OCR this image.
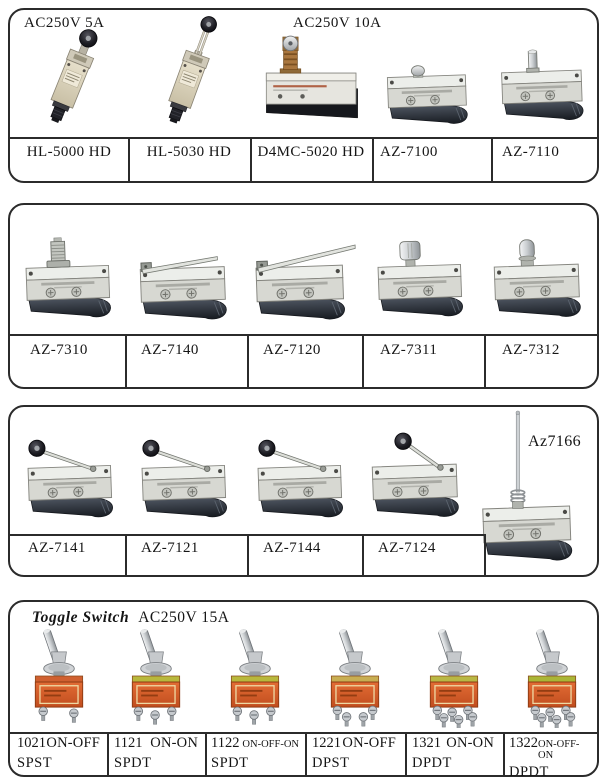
AC250V 5A	AC250V 10A
HL-5000 HD	HL-5030 HD	D4MC-5020 HD	AZ-7100	AZ-7110
AZ-7310	AZ-7140	AZ-7120	AZ-7311	AZ-7312
Az7166
AZ-7141	AZ-7121	AZ-7144	AZ-7124
Toggle Switch AC250V 15A
1021 ON-OFF
SPST
1121 ON-ON
SPDT
1122 ON-OFF-ON
SPDT
1221 ON-OFF
DPST
1321 ON-ON
DPDT
1322 ON-OFF-ON
DPDT
